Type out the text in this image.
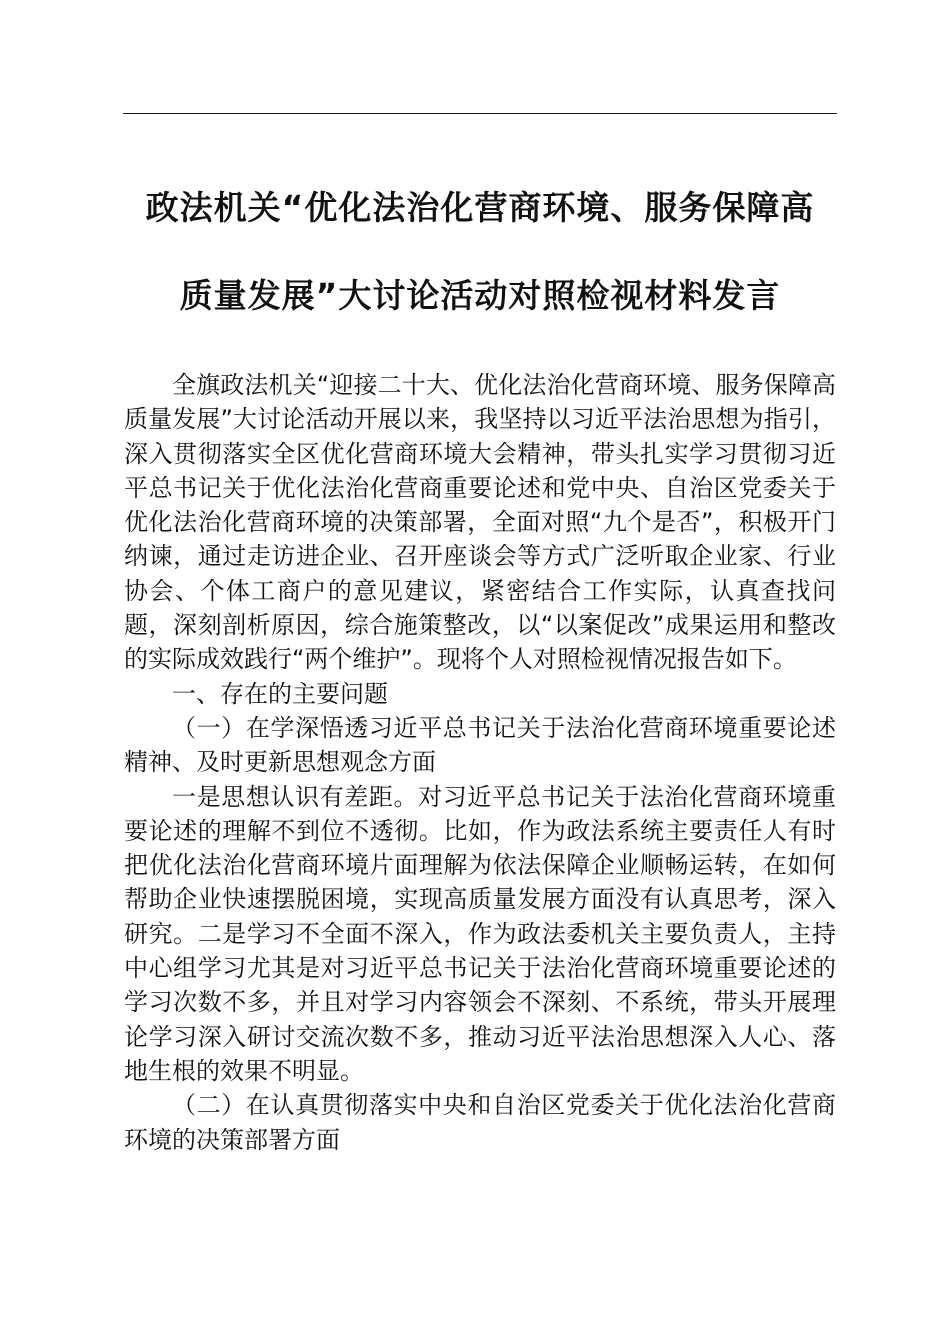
政法机关“优化法治化营商环境、服务保障高
质量发展”大讨论活动对照检视材料发言

全旗政法机关“迎接二十大、优化法治化营商环境、服务保障高质量发展”大讨论活动开展以来，我坚持以习近平法治思想为指引，深入贯彻落实全区优化营商环境大会精神，带头扎实学习贯彻习近平总书记关于优化法治化营商重要论述和党中央、自治区党委关于优化法治化营商环境的决策部署，全面对照“九个是否”，积极开门纳谏，通过走访进企业、召开座谈会等方式广泛听取企业家、行业协会、个体工商户的意见建议，紧密结合工作实际，认真查找问题，深刻剖析原因，综合施策整改，以“以案促改”成果运用和整改的实际成效践行“两个维护”。现将个人对照检视情况报告如下。

一、存在的主要问题

（一）在学深悟透习近平总书记关于法治化营商环境重要论述精神、及时更新思想观念方面

一是思想认识有差距。对习近平总书记关于法治化营商环境重要论述的理解不到位不透彻。比如，作为政法系统主要责任人有时把优化法治化营商环境片面理解为依法保障企业顺畅运转，在如何帮助企业快速摆脱困境，实现高质量发展方面没有认真思考，深入研究。二是学习不全面不深入，作为政法委机关主要负责人，主持中心组学习尤其是对习近平总书记关于法治化营商环境重要论述的学习次数不多，并且对学习内容领会不深刻、不系统，带头开展理论学习深入研讨交流次数不多，推动习近平法治思想深入人心、落地生根的效果不明显。

（二）在认真贯彻落实中央和自治区党委关于优化法治化营商环境的决策部署方面
